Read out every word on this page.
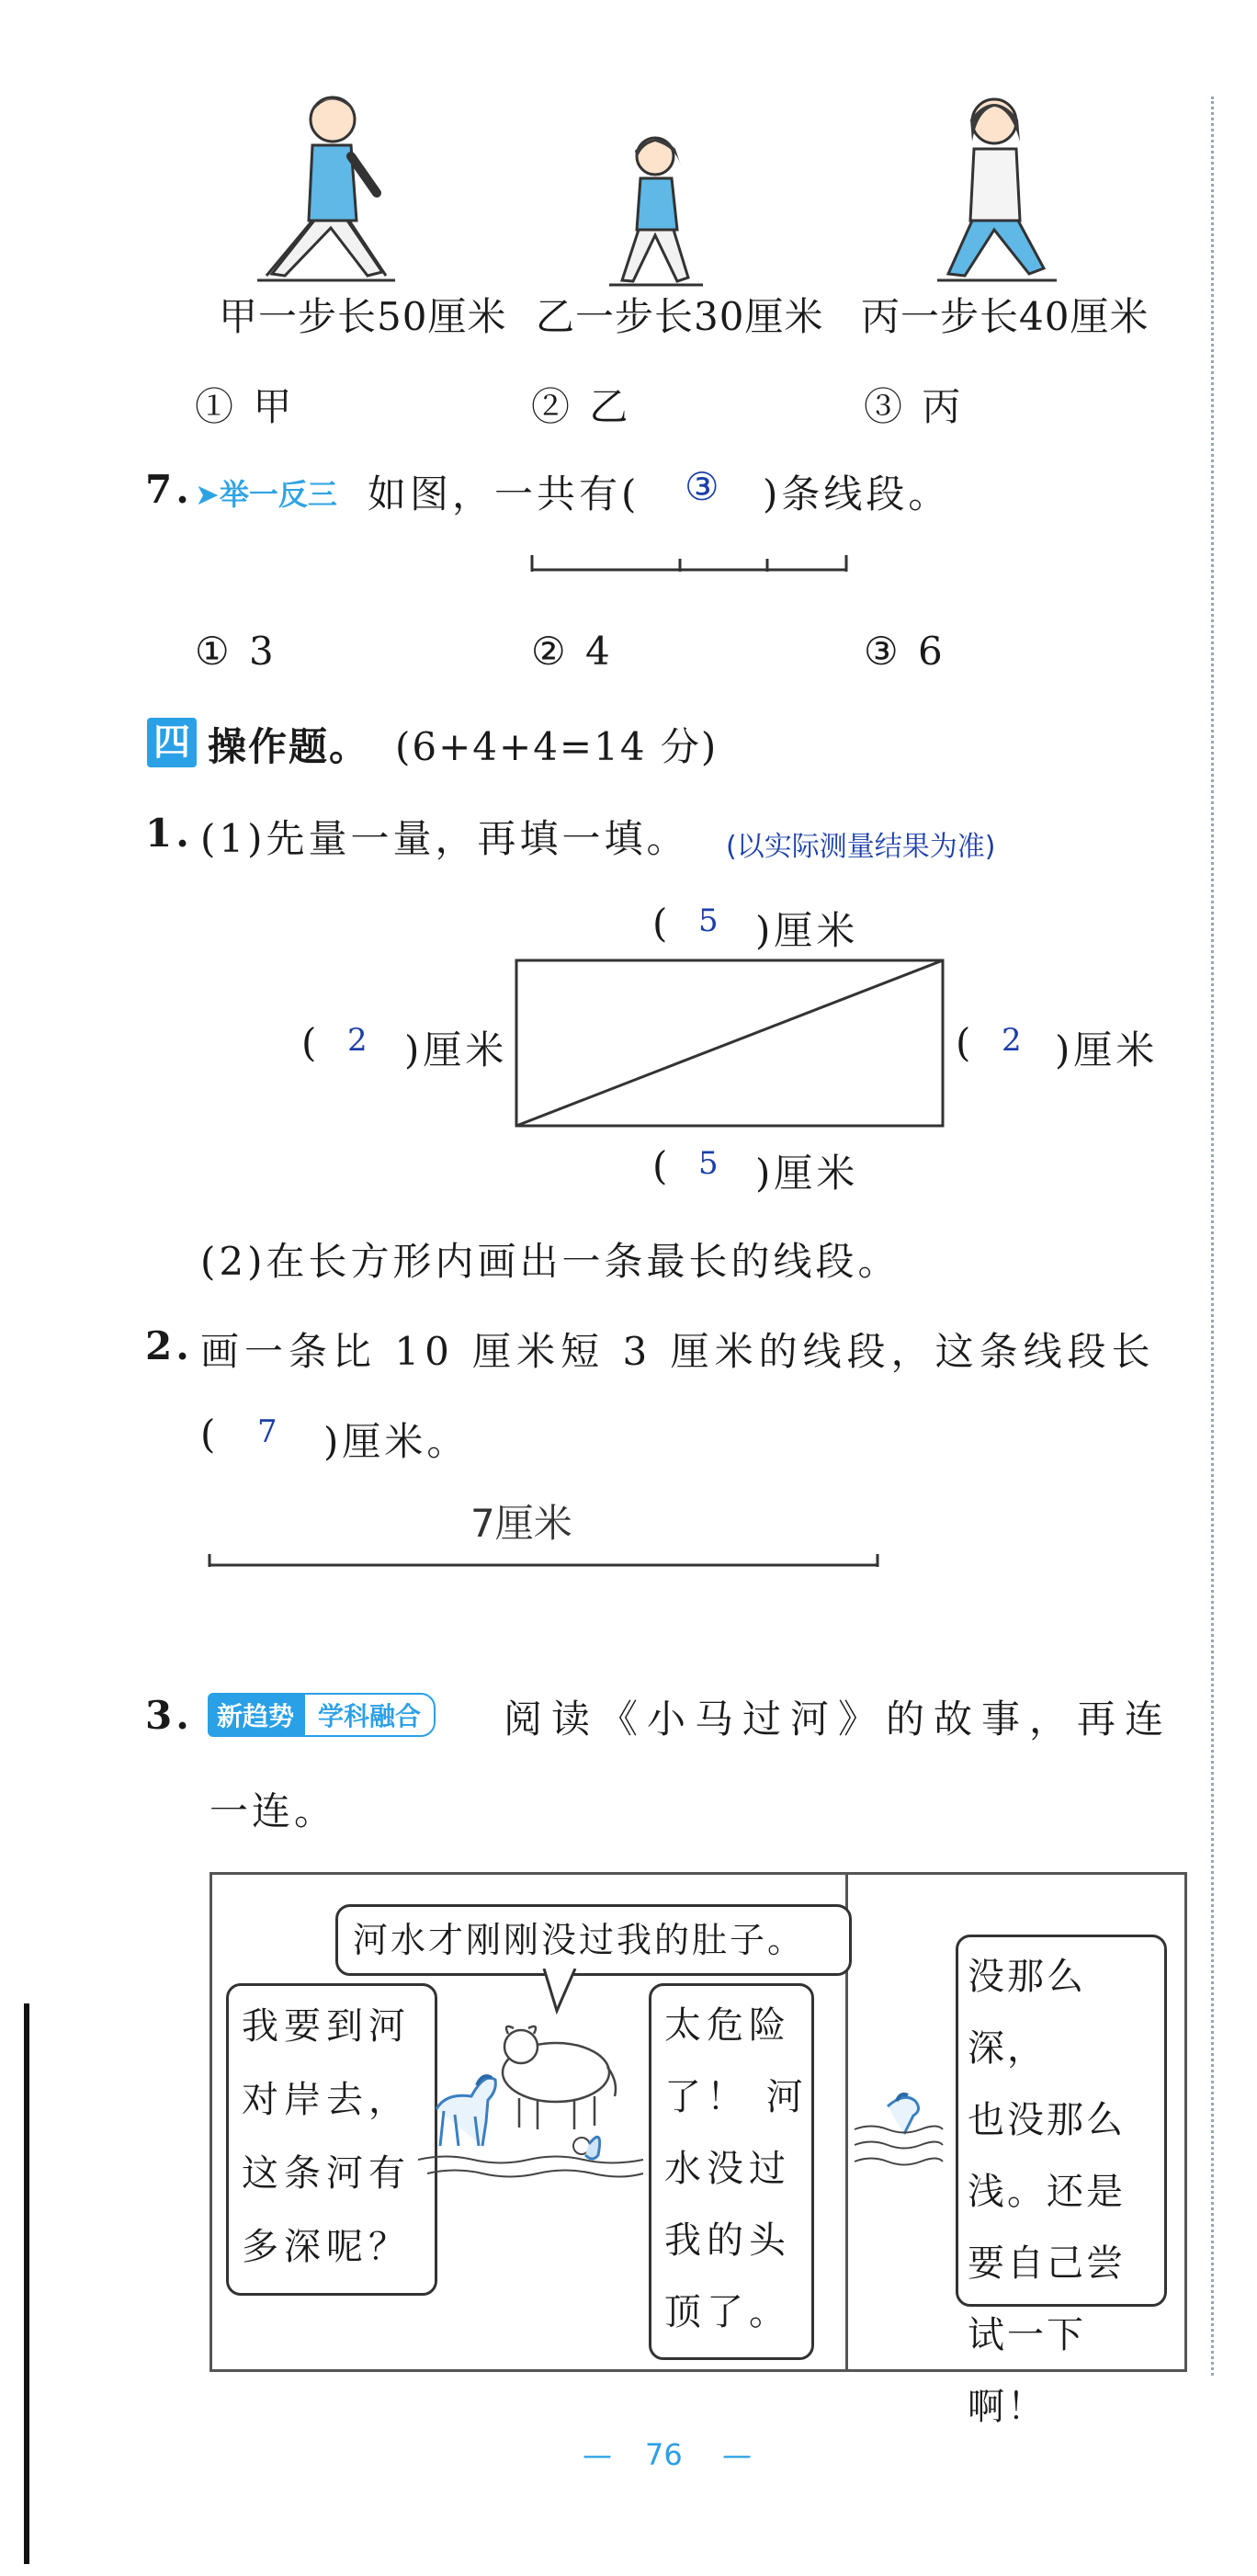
甲一步长50厘米 乙一步长30厘米 丙一步长40厘米
① 甲	② 乙	③ 丙
7. ➤举一反三 如图，一共有( ③ )条线段。
① 3	② 4	③ 6
四 操作题。 (6+4+4=14 分)
1. (1)先量一量，再填一填。 (以实际测量结果为准)
( 5 )厘米
( 2 )厘米	( 2 )厘米
( 5 )厘米
(2)在长方形内画出一条最长的线段。
2. 画一条比 10 厘米短 3 厘米的线段，这条线段长
( 7 )厘米。
7厘米
3. 新趋势 学科融合	阅读《小马过河》的故事，再连
一连。
河水才刚刚没过我的肚子。
我要到河
对岸去，
这条河有
多深呢？
太危险
了！ 河
水没过
我的头
顶了。
没那么深，
也没那么
浅。还是
要自己尝
试一下啊！
— 76 —
